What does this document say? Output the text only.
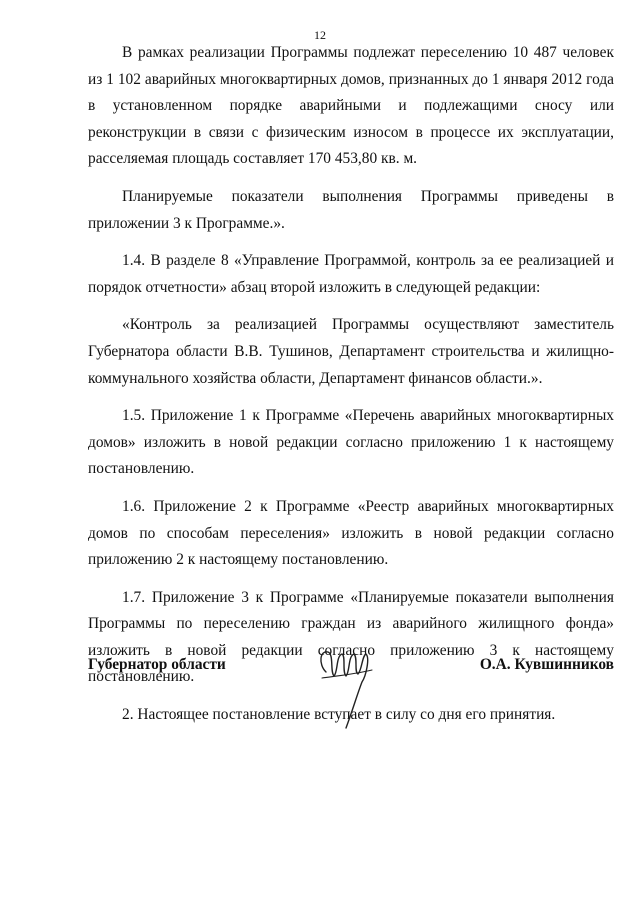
12

В рамках реализации Программы подлежат переселению 10 487 человек из 1 102 аварийных многоквартирных домов, признанных до 1 января 2012 года в установленном порядке аварийными и подлежащими сносу или реконструкции в связи с физическим износом в процессе их эксплуатации, расселяемая площадь составляет 170 453,80 кв. м.

Планируемые показатели выполнения Программы приведены в приложении 3 к Программе.».

1.4. В разделе 8 «Управление Программой, контроль за ее реализацией и порядок отчетности» абзац второй изложить в следующей редакции:

«Контроль за реализацией Программы осуществляют заместитель Губернатора области В.В. Тушинов, Департамент строительства и жилищно-коммунального хозяйства области, Департамент финансов области.».

1.5. Приложение 1 к Программе «Перечень аварийных многоквартирных домов» изложить в новой редакции согласно приложению 1 к настоящему постановлению.

1.6. Приложение 2 к Программе «Реестр аварийных многоквартирных домов по способам переселения» изложить в новой редакции согласно приложению 2 к настоящему постановлению.

1.7. Приложение 3 к Программе «Планируемые показатели выполнения Программы по переселению граждан из аварийного жилищного фонда» изложить в новой редакции согласно приложению 3 к настоящему постановлению.

2. Настоящее постановление вступает в силу со дня его принятия.

Губернатор области	О.А. Кувшинников
